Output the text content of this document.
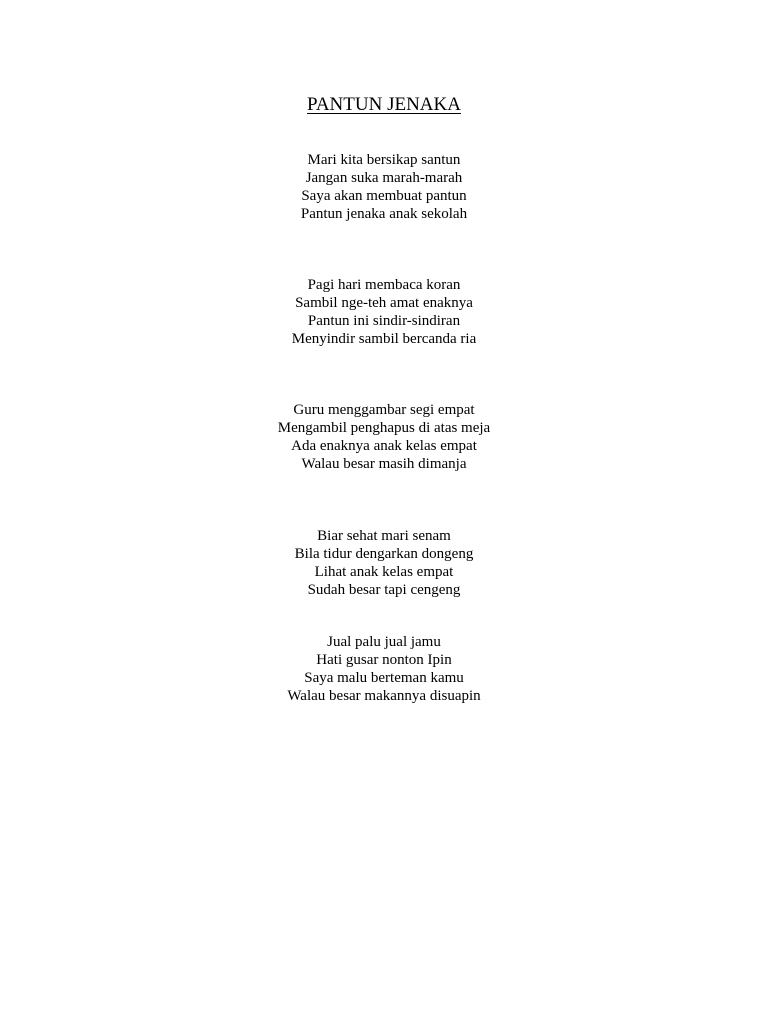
PANTUN JENAKA
Mari kita bersikap santun
Jangan suka marah-marah
Saya akan membuat pantun
Pantun jenaka anak sekolah
Pagi hari membaca koran
Sambil nge-teh amat enaknya
Pantun ini sindir-sindiran
Menyindir sambil bercanda ria
Guru menggambar segi empat
Mengambil penghapus di atas meja
Ada enaknya anak kelas empat
Walau besar masih dimanja
Biar sehat mari senam
Bila tidur dengarkan dongeng
Lihat anak kelas empat
Sudah besar tapi cengeng
Jual palu jual jamu
Hati gusar nonton Ipin
Saya malu berteman kamu
Walau besar makannya disuapin
